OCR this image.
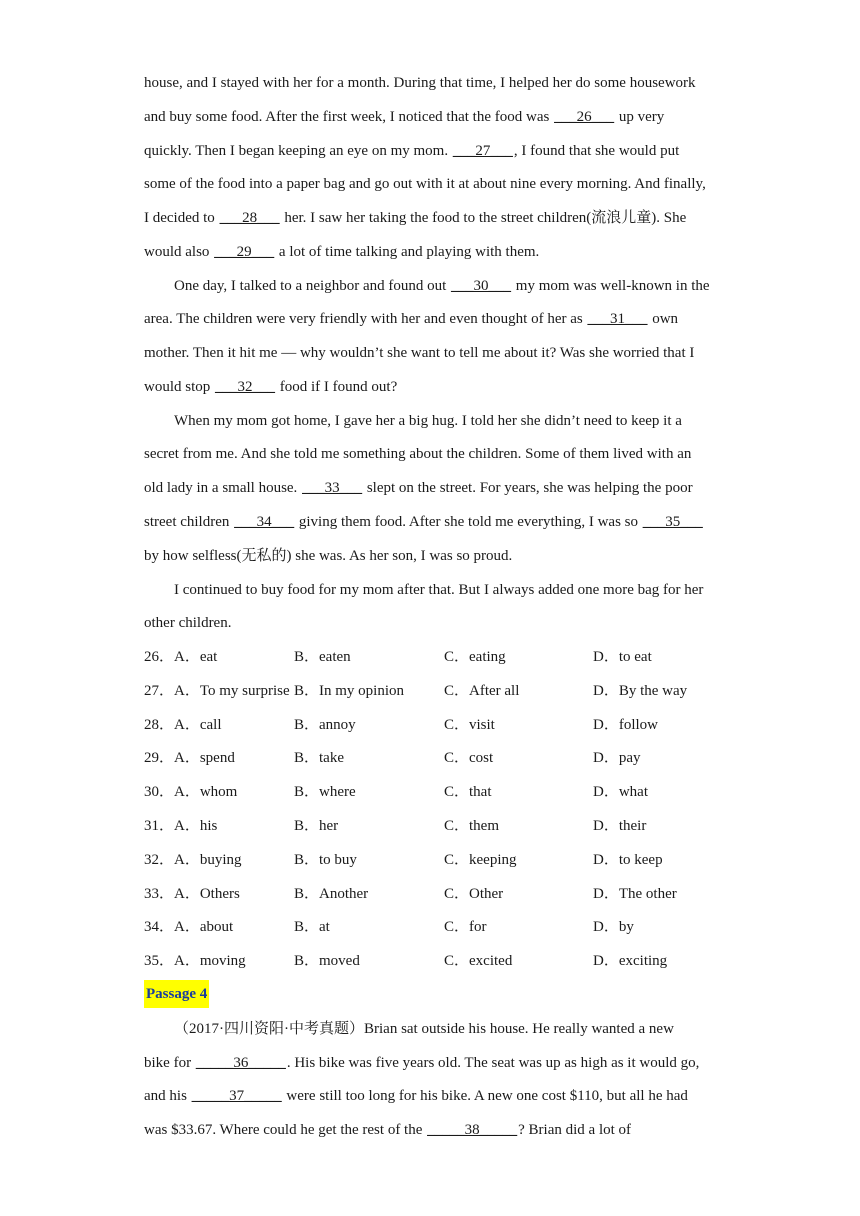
house, and I stayed with her for a month. During that time, I helped her do some housework
and buy some food. After the first week, I noticed that the food was ___26___ up very
quickly. Then I began keeping an eye on my mom. ___27___, I found that she would put
some of the food into a paper bag and go out with it at about nine every morning. And finally,
I decided to ___28___ her. I saw her taking the food to the street children(流浪儿童). She
would also ___29___ a lot of time talking and playing with them.
One day, I talked to a neighbor and found out ___30___ my mom was well-known in the
area. The children were very friendly with her and even thought of her as ___31___ own
mother. Then it hit me — why wouldn’t she want to tell me about it? Was she worried that I
would stop ___32___ food if I found out?
When my mom got home, I gave her a big hug. I told her she didn’t need to keep it a
secret from me. And she told me something about the children. Some of them lived with an
old lady in a small house. ___33___ slept on the street. For years, she was helping the poor
street children ___34___ giving them food. After she told me everything, I was so ___35___
by how selfless(无私的) she was. As her son, I was so proud.
I continued to buy food for my mom after that. But I always added one more bag for her
other children.
26．A．eat	B．eaten	C．eating	D．to eat
27．A．To my surprise B．In my opinion	C．After all	D．By the way
28．A．call	B．annoy	C．visit	D．follow
29．A．spend	B．take	C．cost	D．pay
30．A．whom	B．where	C．that	D．what
31．A．his	B．her	C．them	D．their
32．A．buying	B．to buy	C．keeping	D．to keep
33．A．Others	B．Another	C．Other	D．The other
34．A．about	B．at	C．for	D．by
35．A．moving	B．moved	C．excited	D．exciting
Passage 4
（2017·四川资阳·中考真题）Brian sat outside his house. He really wanted a new
bike for _____36_____. His bike was five years old. The seat was up as high as it would go,
and his _____37_____ were still too long for his bike. A new one cost $110, but all he had
was $33.67. Where could he get the rest of the _____38_____? Brian did a lot of
